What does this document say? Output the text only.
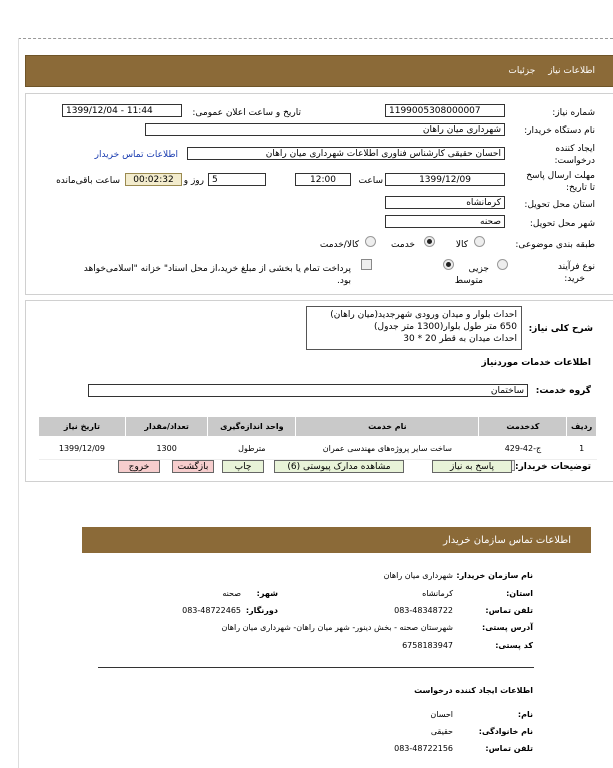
اطلاعات نیاز جزئیات
شماره نیاز:
1199005308000007
تاریخ و ساعت اعلان عمومی:
1399/12/04 - 11:44
نام دستگاه خریدار:
شهرداری میان راهان
ایجاد کننده
درخواست:
احسان حقیقی کارشناس فناوری اطلاعات شهرداری میان راهان
اطلاعات تماس خریدار
مهلت ارسال پاسخ
تا تاریخ:
1399/12/09
ساعت
12:00
5
روز و
00:02:32
ساعت باقی‌مانده
استان محل تحویل:
کرمانشاه
شهر محل تحویل:
صحنه
طبقه بندی موضوعی:
کالا
خدمت
کالا/خدمت
نوع فرآیند
خرید:
جزیی
متوسط
پرداخت تمام یا بخشی از مبلغ خرید،از محل اسناد" خزانه "اسلامی‌خواهد
بود.
شرح کلی نیاز:
احداث بلوار و میدان ورودی شهرجدید(میان راهان)
650 متر طول بلوار(1300 متر جدول)
احداث میدان به قطر 20 * 30
اطلاعات خدمات موردنیاز
گروه خدمت:
ساختمان
ردیف	کدخدمت	نام خدمت	واحد اندازه‌گیری	تعداد/مقدار	تاریخ نیاز
1	ج-42-429	ساخت سایر پروژه‌های مهندسی عمران	مترطول	1300	1399/12/09
توضیحات خریدار:
پاسخ به نیاز
مشاهده مدارک پیوستی (6)
چاپ
بازگشت
خروج
اطلاعات تماس سازمان خریدار
نام سازمان خریدار:
شهرداری میان راهان
استان:
کرمانشاه
شهر:
صحنه
تلفن تماس:
083-48348722
دورنگار:
083-48722465
آدرس پستی:
شهرستان صحنه - بخش دینور- شهر میان راهان- شهرداری میان راهان
کد پستی:
6758183947
اطلاعات ایجاد کننده درخواست
نام:
احسان
نام خانوادگی:
حقیقی
تلفن تماس:
083-48722156
